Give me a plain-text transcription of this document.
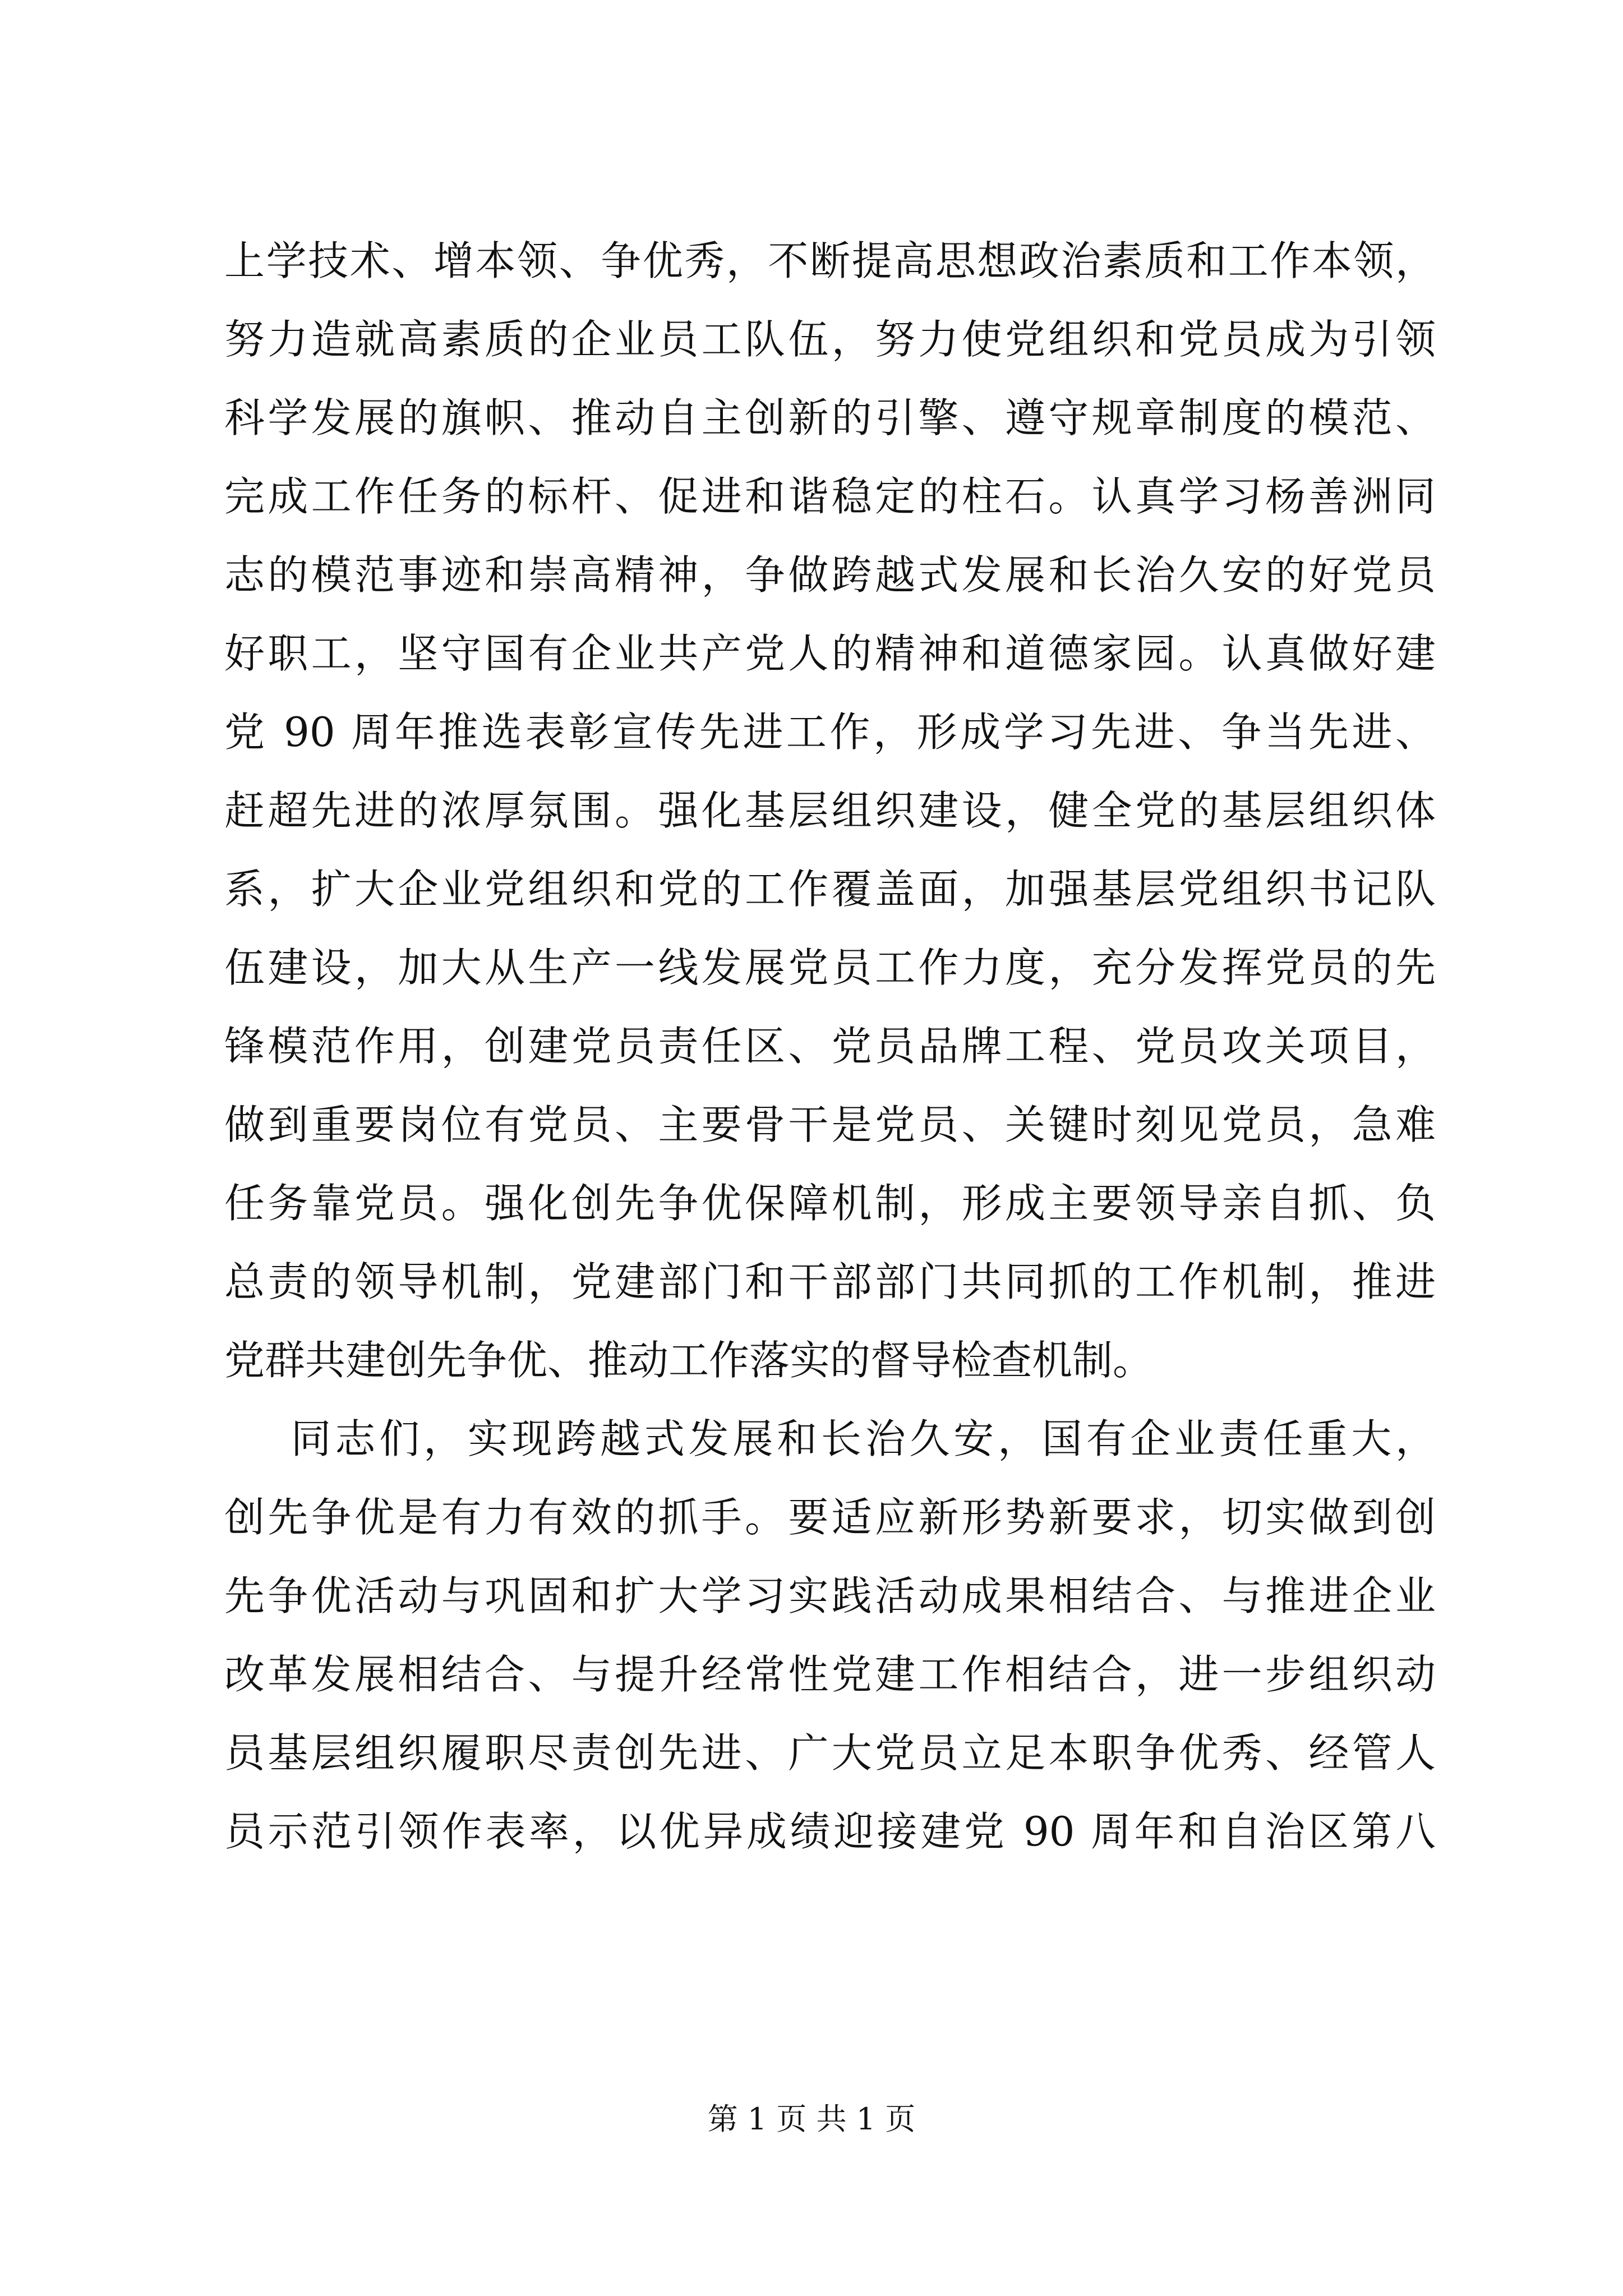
上学技术、增本领、争优秀，不断提高思想政治素质和工作本领，
努力造就高素质的企业员工队伍，努力使党组织和党员成为引领
科学发展的旗帜、推动自主创新的引擎、遵守规章制度的模范、
完成工作任务的标杆、促进和谐稳定的柱石。认真学习杨善洲同
志的模范事迹和崇高精神，争做跨越式发展和长治久安的好党员
好职工，坚守国有企业共产党人的精神和道德家园。认真做好建
党 90 周年推选表彰宣传先进工作，形成学习先进、争当先进、
赶超先进的浓厚氛围。强化基层组织建设，健全党的基层组织体
系，扩大企业党组织和党的工作覆盖面，加强基层党组织书记队
伍建设，加大从生产一线发展党员工作力度，充分发挥党员的先
锋模范作用，创建党员责任区、党员品牌工程、党员攻关项目，
做到重要岗位有党员、主要骨干是党员、关键时刻见党员，急难
任务靠党员。强化创先争优保障机制，形成主要领导亲自抓、负
总责的领导机制，党建部门和干部部门共同抓的工作机制，推进
党群共建创先争优、推动工作落实的督导检查机制。
同志们，实现跨越式发展和长治久安，国有企业责任重大，
创先争优是有力有效的抓手。要适应新形势新要求，切实做到创
先争优活动与巩固和扩大学习实践活动成果相结合、与推进企业
改革发展相结合、与提升经常性党建工作相结合，进一步组织动
员基层组织履职尽责创先进、广大党员立足本职争优秀、经管人
员示范引领作表率，以优异成绩迎接建党 90 周年和自治区第八
第 1 页 共 1 页
